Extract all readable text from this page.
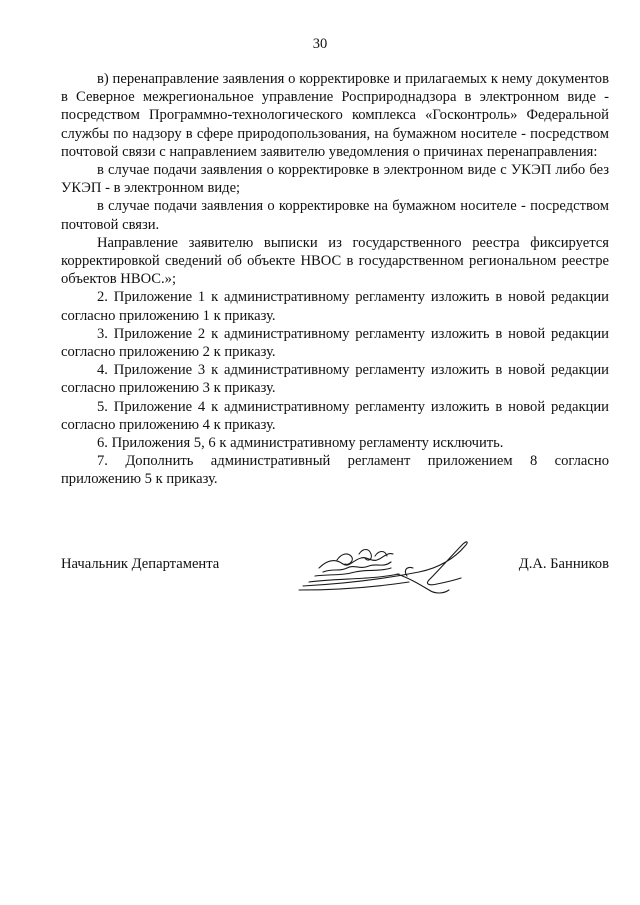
30

в) перенаправление заявления о корректировке и прилагаемых к нему документов в Северное межрегиональное управление Росприроднадзора в электронном виде - посредством Программно-технологического комплекса «Госконтроль» Федеральной службы по надзору в сфере природопользования, на бумажном носителе - посредством почтовой связи с направлением заявителю уведомления о причинах перенаправления:

в случае подачи заявления о корректировке в электронном виде с УКЭП либо без УКЭП - в электронном виде;

в случае подачи заявления о корректировке на бумажном носителе - посредством почтовой связи.

Направление заявителю выписки из государственного реестра фиксируется корректировкой сведений об объекте НВОС в государственном региональном реестре объектов НВОС.»;

2. Приложение 1 к административному регламенту изложить в новой редакции согласно приложению 1 к приказу.

3. Приложение 2 к административному регламенту изложить в новой редакции согласно приложению 2 к приказу.

4. Приложение 3 к административному регламенту изложить в новой редакции согласно приложению 3 к приказу.

5. Приложение 4 к административному регламенту изложить в новой редакции согласно приложению 4 к приказу.

6. Приложения 5, 6 к административному регламенту исключить.

7. Дополнить административный регламент приложением 8 согласно приложению 5 к приказу.

Начальник Департамента	Д.А. Банников
